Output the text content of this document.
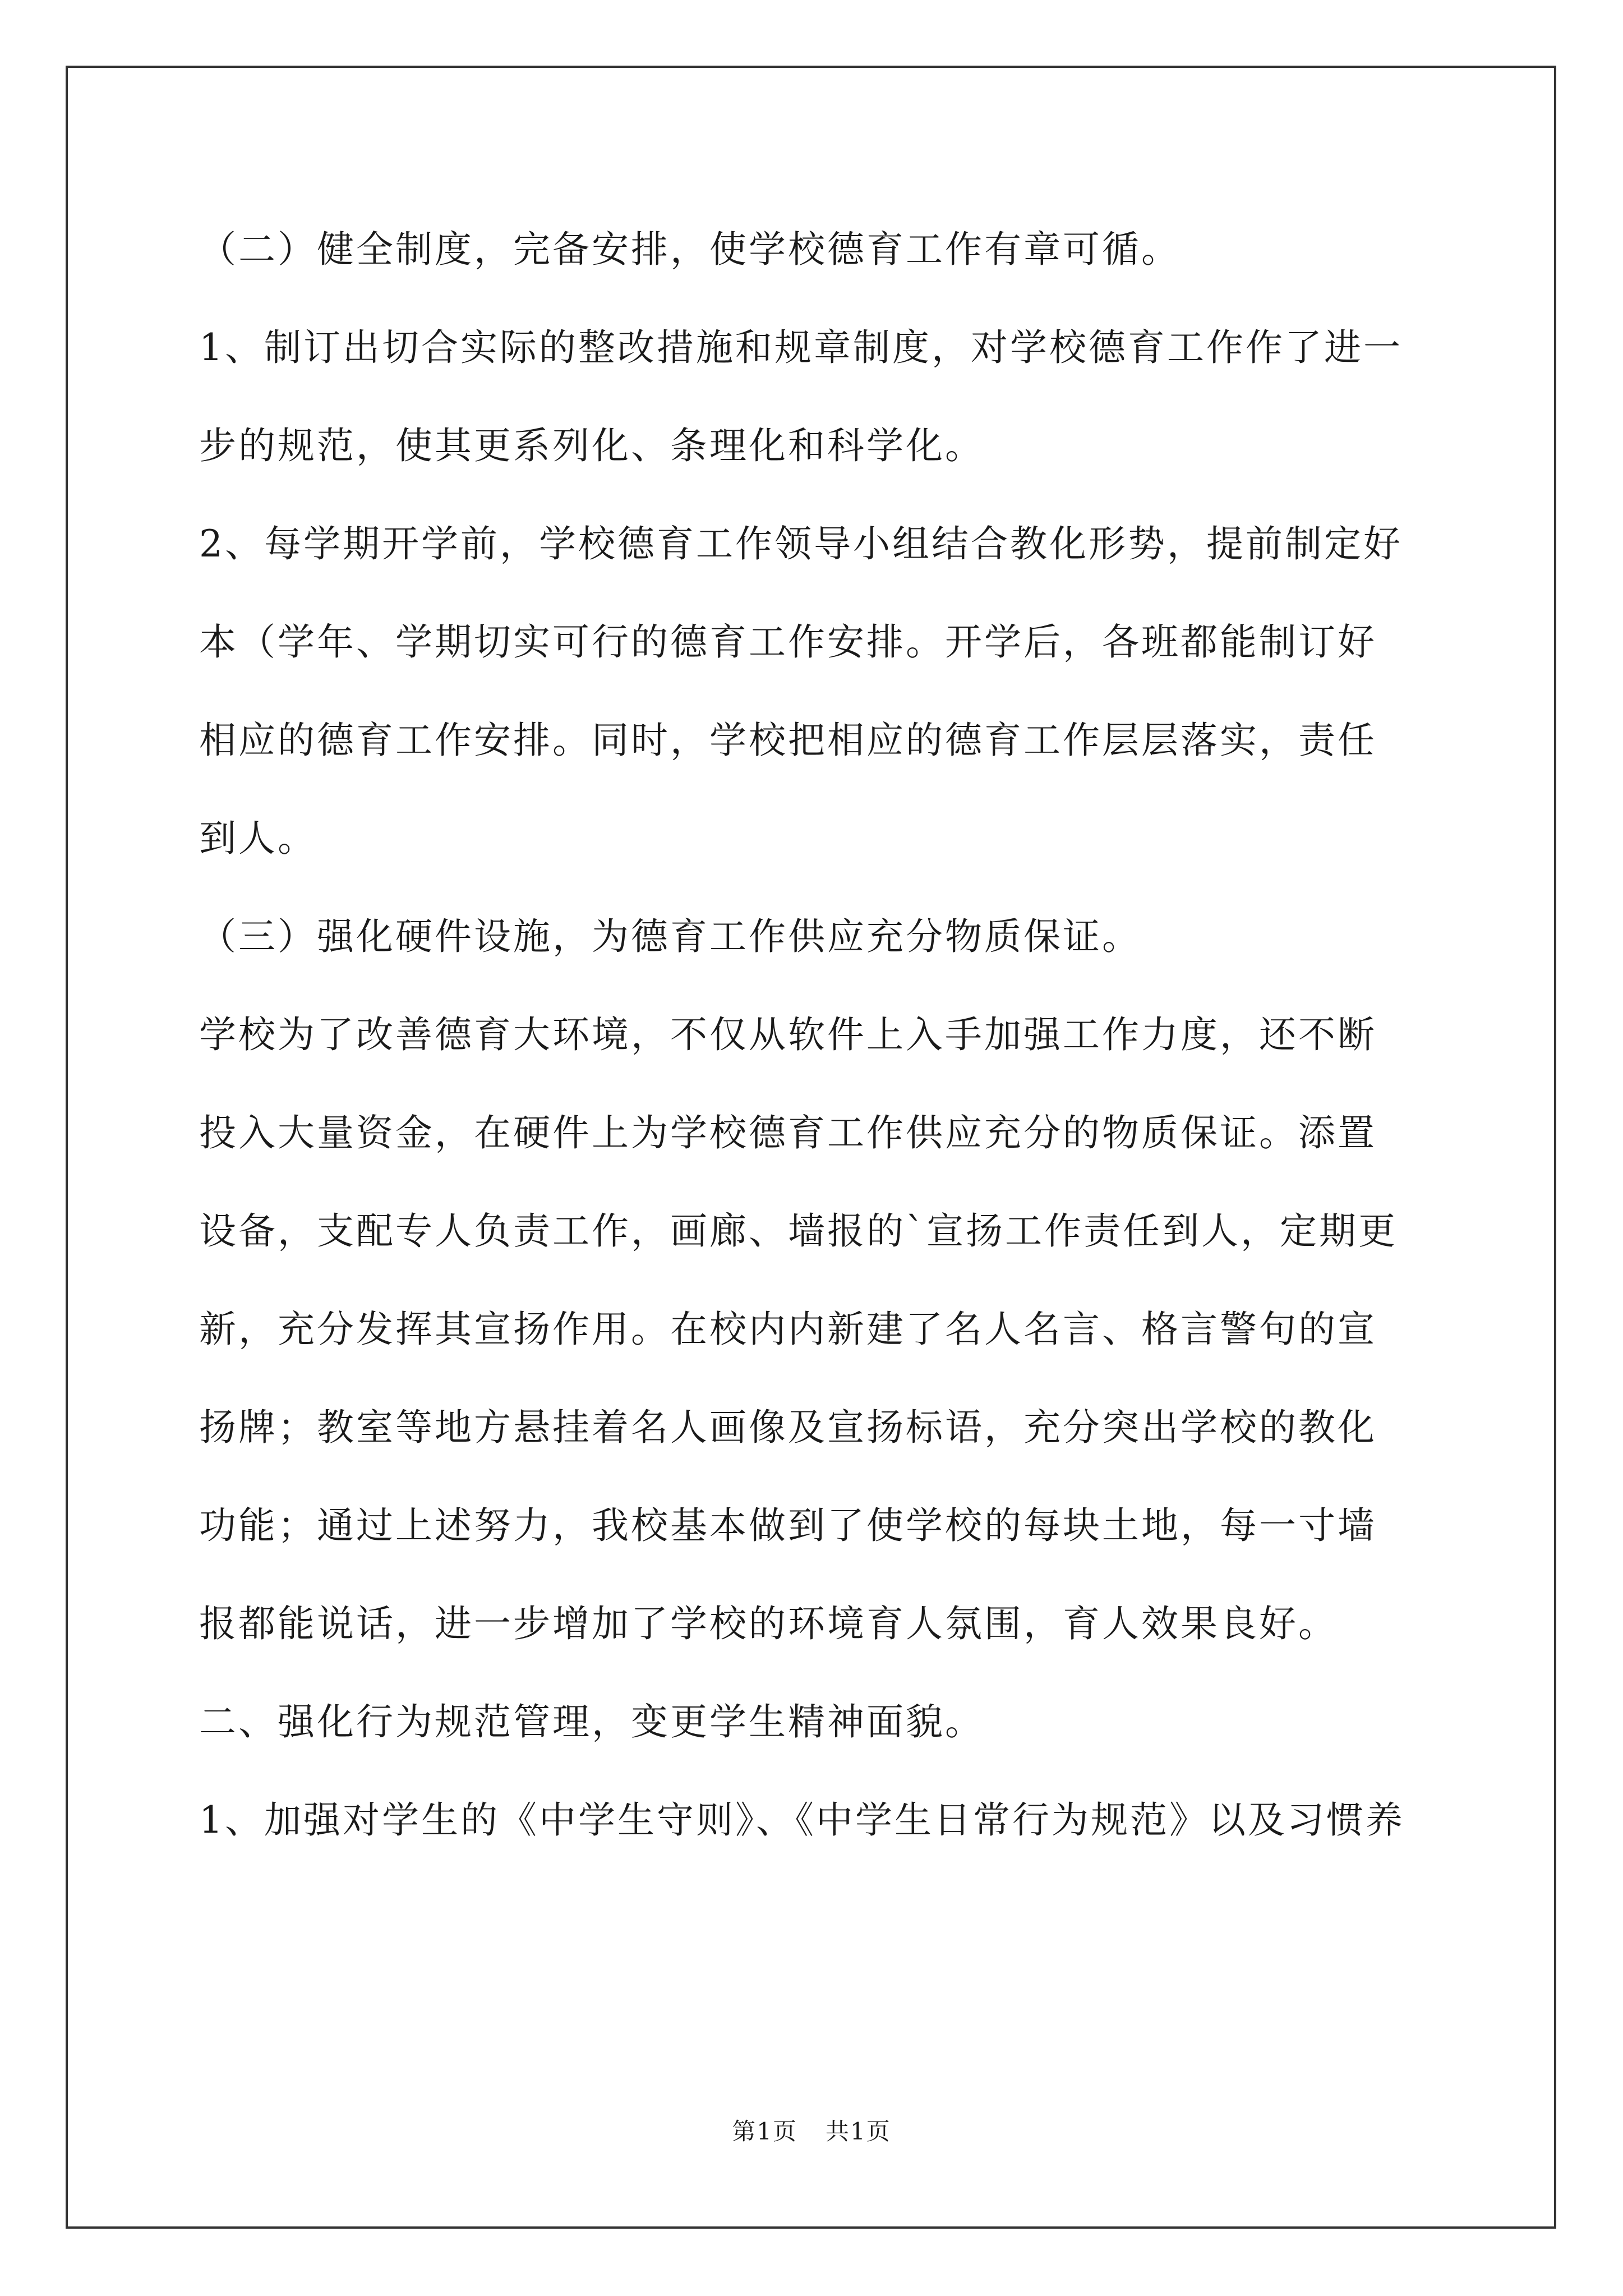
（二）健全制度，完备安排，使学校德育工作有章可循。
1、制订出切合实际的整改措施和规章制度，对学校德育工作作了进一
步的规范，使其更系列化、条理化和科学化。
2、每学期开学前，学校德育工作领导小组结合教化形势，提前制定好
本（学年、学期切实可行的德育工作安排。开学后，各班都能制订好
相应的德育工作安排。同时，学校把相应的德育工作层层落实，责任
到人。
（三）强化硬件设施，为德育工作供应充分物质保证。
学校为了改善德育大环境，不仅从软件上入手加强工作力度，还不断
投入大量资金，在硬件上为学校德育工作供应充分的物质保证。添置
设备，支配专人负责工作，画廊、墙报的`宣扬工作责任到人，定期更
新，充分发挥其宣扬作用。在校内内新建了名人名言、格言警句的宣
扬牌；教室等地方悬挂着名人画像及宣扬标语，充分突出学校的教化
功能；通过上述努力，我校基本做到了使学校的每块土地，每一寸墙
报都能说话，进一步增加了学校的环境育人氛围，育人效果良好。
二、强化行为规范管理，变更学生精神面貌。
1、加强对学生的《中学生守则》、《中学生日常行为规范》以及习惯养
第1页 共1页
